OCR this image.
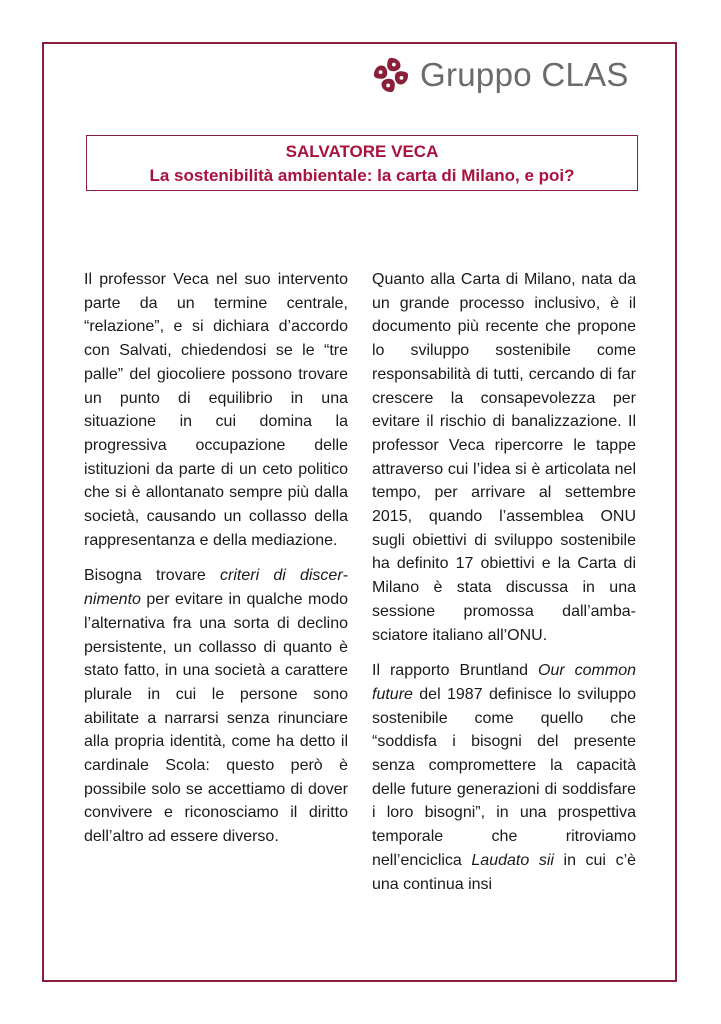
Gruppo CLAS
SALVATORE VECA
La sostenibilità ambientale: la carta di Milano, e poi?

Il professor Veca nel suo intervento parte da un termine centrale, “relazione”, e si dichiara d’accordo con Salvati, chiedendosi se le “tre palle” del giocoliere possono trovare un punto di equilibrio in una situazione in cui domina la progressiva occupazione delle istituzioni da parte di un ceto politico che si è allontanato sempre più dalla società, causando un collasso della rappresentanza e della mediazione.

Bisogna trovare criteri di discernimento per evitare in qualche modo l’alternativa fra una sorta di declino persistente, un collasso di quanto è stato fatto, in una società a carattere plurale in cui le persone sono abilitate a narrarsi senza rinunciare alla propria identità, come ha detto il cardinale Scola: questo però è possibile solo se accettiamo di dover convivere e riconosciamo il diritto dell’altro ad essere diverso.

Quanto alla Carta di Milano, nata da un grande processo inclusivo, è il documento più recente che propone lo sviluppo sostenibile come responsabilità di tutti, cercando di far crescere la consapevolezza per evitare il rischio di banalizzazione. Il professor Veca ripercorre le tappe attraverso cui l’idea si è articolata nel tempo, per arrivare al settembre 2015, quando l’assemblea ONU sugli obiettivi di sviluppo sostenibile ha definito 17 obiettivi e la Carta di Milano è stata discussa in una sessione promossa dall’ambasciatore italiano all’ONU.

Il rapporto Bruntland Our common future del 1987 definisce lo sviluppo sostenibile come quello che “soddisfa i bisogni del presente senza compromettere la capacità delle future generazioni di soddisfare i loro bisogni”, in una prospettiva temporale che ritroviamo nell’enciclica Laudato sii in cui c’è una continua insi
